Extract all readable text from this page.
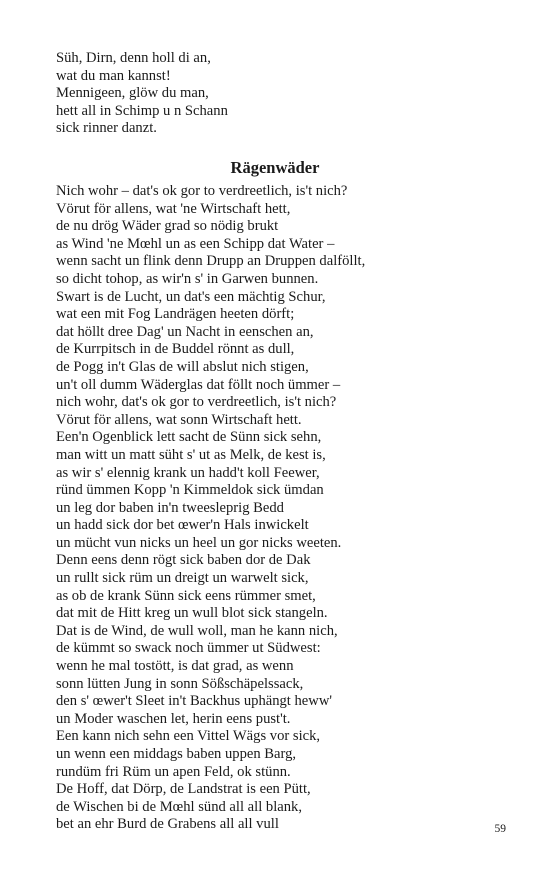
Süh, Dirn, denn holl di an,
wat du man kannst!
Mennigeen, glöw du man,
hett all in Schimp u n Schann
sick rinner danzt.
Rägenwäder
Nich wohr – dat's ok gor to verdreetlich, is't nich?
Vörut för allens, wat 'ne Wirtschaft hett,
de nu drög Wäder grad so nödig brukt
as Wind 'ne Mœhl un as een Schipp dat Water –
wenn sacht un flink denn Drupp an Druppen dalföllt,
so dicht tohop, as wir'n s' in Garwen bunnen.
Swart is de Lucht, un dat's een mächtig Schur,
wat een mit Fog Landrägen heeten dörft;
dat höllt dree Dag' un Nacht in eenschen an,
de Kurrpitsch in de Buddel rönnt as dull,
de Pogg in't Glas de will abslut nich stigen,
un't oll dumm Wäderglas dat föllt noch ümmer –
nich wohr, dat's ok gor to verdreetlich, is't nich?
Vörut för allens, wat sonn Wirtschaft hett.
Een'n Ogenblick lett sacht de Sünn sick sehn,
man witt un matt süht s' ut as Melk, de kest is,
as wir s' elennig krank un hadd't koll Feewer,
ründ ümmen Kopp 'n Kimmeldok sick ümdan
un leg dor baben in'n tweesleprig Bedd
un hadd sick dor bet œwer'n Hals inwickelt
un mücht vun nicks un heel un gor nicks weeten.
Denn eens denn rögt sick baben dor de Dak
un rullt sick rüm un dreigt un warwelt sick,
as ob de krank Sünn sick eens rümmer smet,
dat mit de Hitt kreg un wull blot sick stangeln.
Dat is de Wind, de wull woll, man he kann nich,
de kümmt so swack noch ümmer ut Südwest:
wenn he mal tostött, is dat grad, as wenn
sonn lütten Jung in sonn Sößschäpelssack,
den s' œwer't Sleet in't Backhus uphängt heww'
un Moder waschen let, herin eens pust't.
Een kann nich sehn een Vittel Wägs vor sick,
un wenn een middags baben uppen Barg,
rundüm fri Rüm un apen Feld, ok stünn.
De Hoff, dat Dörp, de Landstrat is een Pütt,
de Wischen bi de Mœhl sünd all all blank,
bet an ehr Burd de Grabens all all vull	59
